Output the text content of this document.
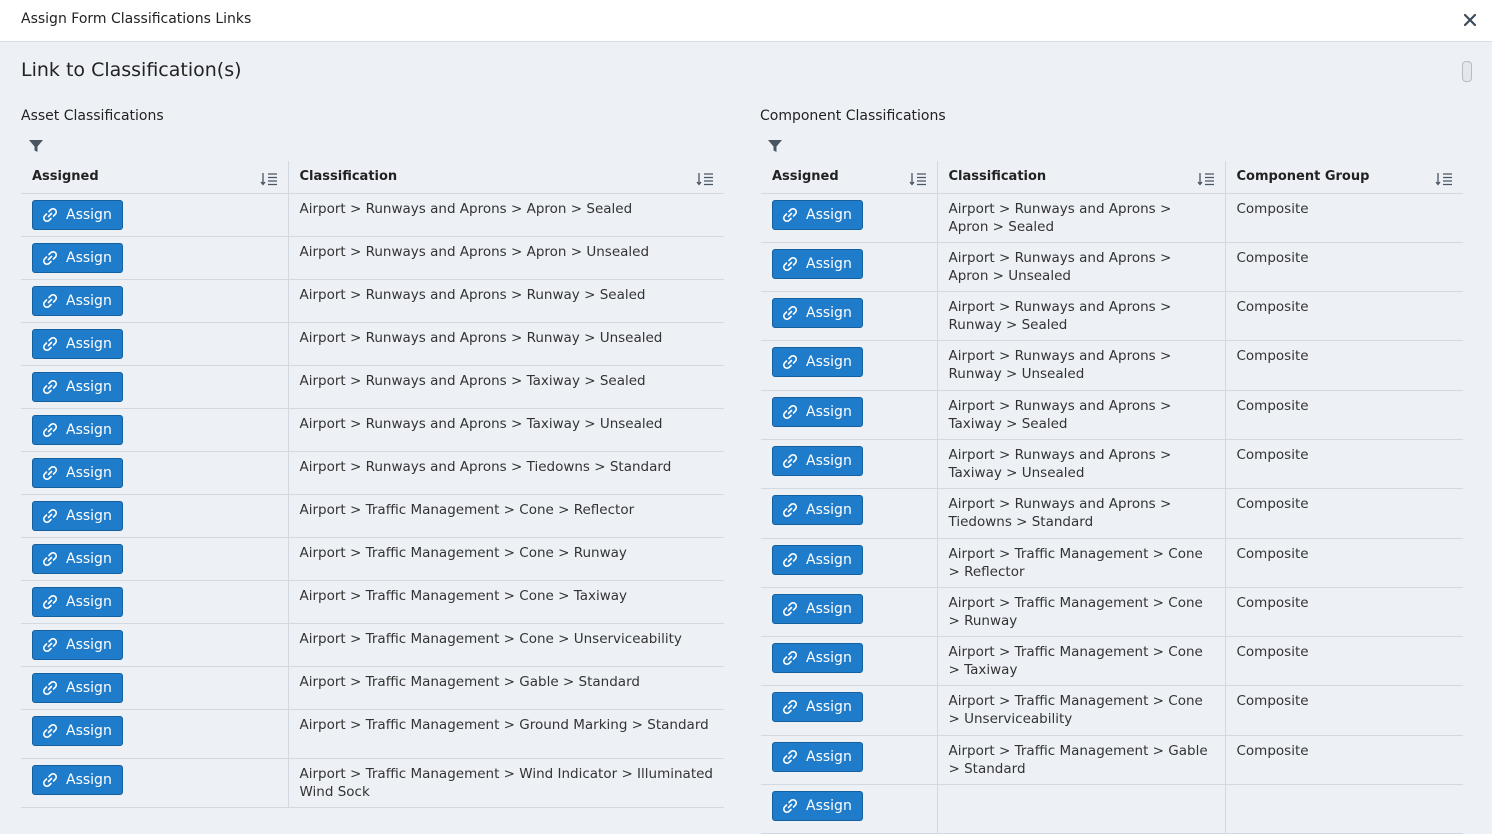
Assign Form Classifications Links
Link to Classification(s)
Asset Classifications
Assigned	Classification

Assign	Airport > Runways and Aprons > Apron > Sealed

Assign	Airport > Runways and Aprons > Apron > Unsealed

Assign	Airport > Runways and Aprons > Runway > Sealed

Assign	Airport > Runways and Aprons > Runway > Unsealed

Assign	Airport > Runways and Aprons > Taxiway > Sealed

Assign	Airport > Runways and Aprons > Taxiway > Unsealed

Assign	Airport > Runways and Aprons > Tiedowns > Standard

Assign	Airport > Traffic Management > Cone > Reflector

Assign	Airport > Traffic Management > Cone > Runway

Assign	Airport > Traffic Management > Cone > Taxiway

Assign	Airport > Traffic Management > Cone > Unserviceability

Assign	Airport > Traffic Management > Gable > Standard

Assign	Airport > Traffic Management > Ground Marking > Standard

Assign	Airport > Traffic Management > Wind Indicator > Illuminated Wind Sock
Component Classifications
Assigned	Classification	Component Group

Assign	Airport > Runways and Aprons > Apron > Sealed	Composite

Assign	Airport > Runways and Aprons > Apron > Unsealed	Composite

Assign	Airport > Runways and Aprons > Runway > Sealed	Composite

Assign	Airport > Runways and Aprons > Runway > Unsealed	Composite

Assign	Airport > Runways and Aprons > Taxiway > Sealed	Composite

Assign	Airport > Runways and Aprons > Taxiway > Unsealed	Composite

Assign	Airport > Runways and Aprons > Tiedowns > Standard	Composite

Assign	Airport > Traffic Management > Cone > Reflector	Composite

Assign	Airport > Traffic Management > Cone > Runway	Composite

Assign	Airport > Traffic Management > Cone > Taxiway	Composite

Assign	Airport > Traffic Management > Cone > Unserviceability	Composite

Assign	Airport > Traffic Management > Gable > Standard	Composite

Assign		
